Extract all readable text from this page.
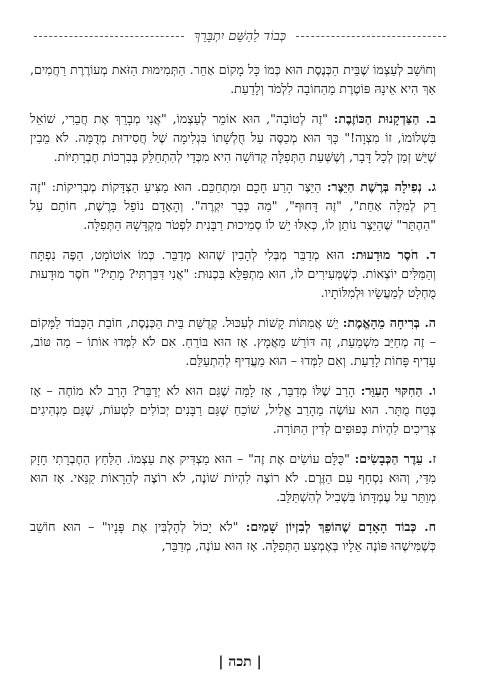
כְּבוֹד לַהַשֵּׁם יִתְבָּרֵךְ

וְחוֹשֵׁב לְעַצְמוֹ שֶׁבֵּית הַכְּנֶסֶת הוּא כְּמוֹ כָּל מָקוֹם אַחֵר. הַתְּמִימוּת הַזֹּאת מְעוֹרֶרֶת רַחֲמִים, אַךְ הִיא אֵינָהּ פּוֹטֶרֶת מֵהַחוֹבָה לִלְמֹד וְלָדַעַת.

ב. הַצַּדְקָנוּת הַכּוֹזֶבֶת: "זֶה לְטוֹבָה", הוּא אוֹמֵר לְעַצְמוֹ, "אֲנִי מְבָרֵךְ אֶת חֲבֵרִי, שׁוֹאֵל בִּשְׁלוֹמוֹ, זוֹ מִצְוָה!" כָּךְ הוּא מְכַסֶּה עַל חֻלְשָׁתוֹ בִּגְלִימָה שֶׁל חֲסִידוּת מְדֻמָּה. לֹא מֵבִין שֶׁיֵּשׁ זְמַן לְכָל דָּבָר, וְשֶׁשְּׁעַת הַתְּפִלָּה קְדוֹשָׁה הִיא מִכְּדֵי לְהִתְחַלֵּק בְּבִרְכוֹת חֶבְרָתִיּוֹת.

ג. נְפִילָה בְּרֶשֶׁת הַיֵּצֶר: הַיֵּצֶר הָרַע חָכָם וּמִתְחַכֵּם. הוּא מַצִּיעַ הַצְדָּקוֹת מְבְרִיקוֹת: "זֶה רַק לְמִלָּה אַחַת", "זֶה דָּחוּף", "מַה כְּבָר יִקְרֶה". וְהָאָדָם נוֹפֵל בָּרֶשֶׁת, חוֹתֵם עַל "הַהֶתֵּר" שֶׁהַיֵּצֶר נוֹתֵן לוֹ, כְּאִלּוּ יֵשׁ לוֹ סְמִיכוּת רַבָּנִית לִפְטֹר מִקְדָּשָׁהּ הַתְּפִלָּה.

ד. חֹסֶר מוּדָעוּת: הוּא מְדַבֵּר מְבְּלִי לְהָבִין שֶׁהוּא מְדַבֵּר. כְּמוֹ אוֹטוֹמָט, הַפֶּה נִפְתָּח וְהַמִּלִּים יוֹצְאוֹת. כְּשֶׁמְּעִירִים לוֹ, הוּא מִתְפַּלֵּא בִּכְנוּת: "אֲנִי דִּבַּרְתִּי? מָתַי?" חֹסֶר מוּדָעוּת מֻחְלָט לְמַעֲשָׂיו וּלְמִלּוֹתָיו.

ה. בְּרִיחָה מֵהָאֱמֶת: יֵשׁ אֲמִתּוֹת קָשׁוֹת לְעִכּוּל. קְדֻשַּׁת בֵּית הַכְּנֶסֶת, חוֹבַת הַכָּבוֹד לַמָּקוֹם – זֶה מְחַיֵּב מִשְׁמַעַת, זֶה דּוֹרֵשׁ מַאֲמָץ. אָז הוּא בּוֹרֵחַ. אִם לֹא לִמְּדוּ אוֹתוֹ – מַה טּוֹב, עָדִיף פָּחוֹת לָדַעַת. וְאִם לִמְּדוּ – הוּא מַעֲדִיף לְהִתְעַלֵּם.

ו. הַחִקּוּי הָעִוֵּר: הָרַב שֶׁלּוֹ מְדַבֵּר, אָז לָמָּה שֶׁגַּם הוּא לֹא יְדַבֵּר? הָרַב לֹא מוֹחֶה – אָז בֶּטַח מֻתָּר. הוּא עוֹשֶׂה מֵהָרַב אֱלִיל, שׁוֹכֵחַ שֶׁגַּם רַבָּנִים יְכוֹלִים לִטְעוֹת, שֶׁגַּם מַנְהִיגִים צְרִיכִים לִהְיוֹת כְּפוּפִים לְדִין הַתּוֹרָה.

ז. עֵדֶר הַכְּבָשִׂים: "כֻּלָּם עוֹשִׂים אֶת זֶה" – הוּא מַצְדִּיק אֶת עַצְמוֹ. הַלַּחַץ הַחֶבְרָתִי חָזָק מִדַּי, וְהוּא נִסְחָף עִם הַזֶּרֶם. לֹא רוֹצֶה לִהְיוֹת שׁוֹנֶה, לֹא רוֹצֶה לְהֵרָאוֹת קַנַּאי. אָז הוּא מְוַתֵּר עַל עֶמְדָּתוֹ בִּשְׁבִיל לְהִשְׁתַּלֵּב.

ח. כְּבוֹד הָאָדָם שֶׁהוֹפֵךְ לְבִזְיוֹן שָׁמַיִם: "לֹא יָכוֹל לְהָלְבִּין אֶת פָּנָיו" – הוּא חוֹשֵׁב כְּשֶׁמִּישֶׁהוּ פּוֹנֶה אֵלָיו בְּאֶמְצַע הַתְּפִלָּה. אָז הוּא עוֹנֶה, מְדַבֵּר,

| תכה |
